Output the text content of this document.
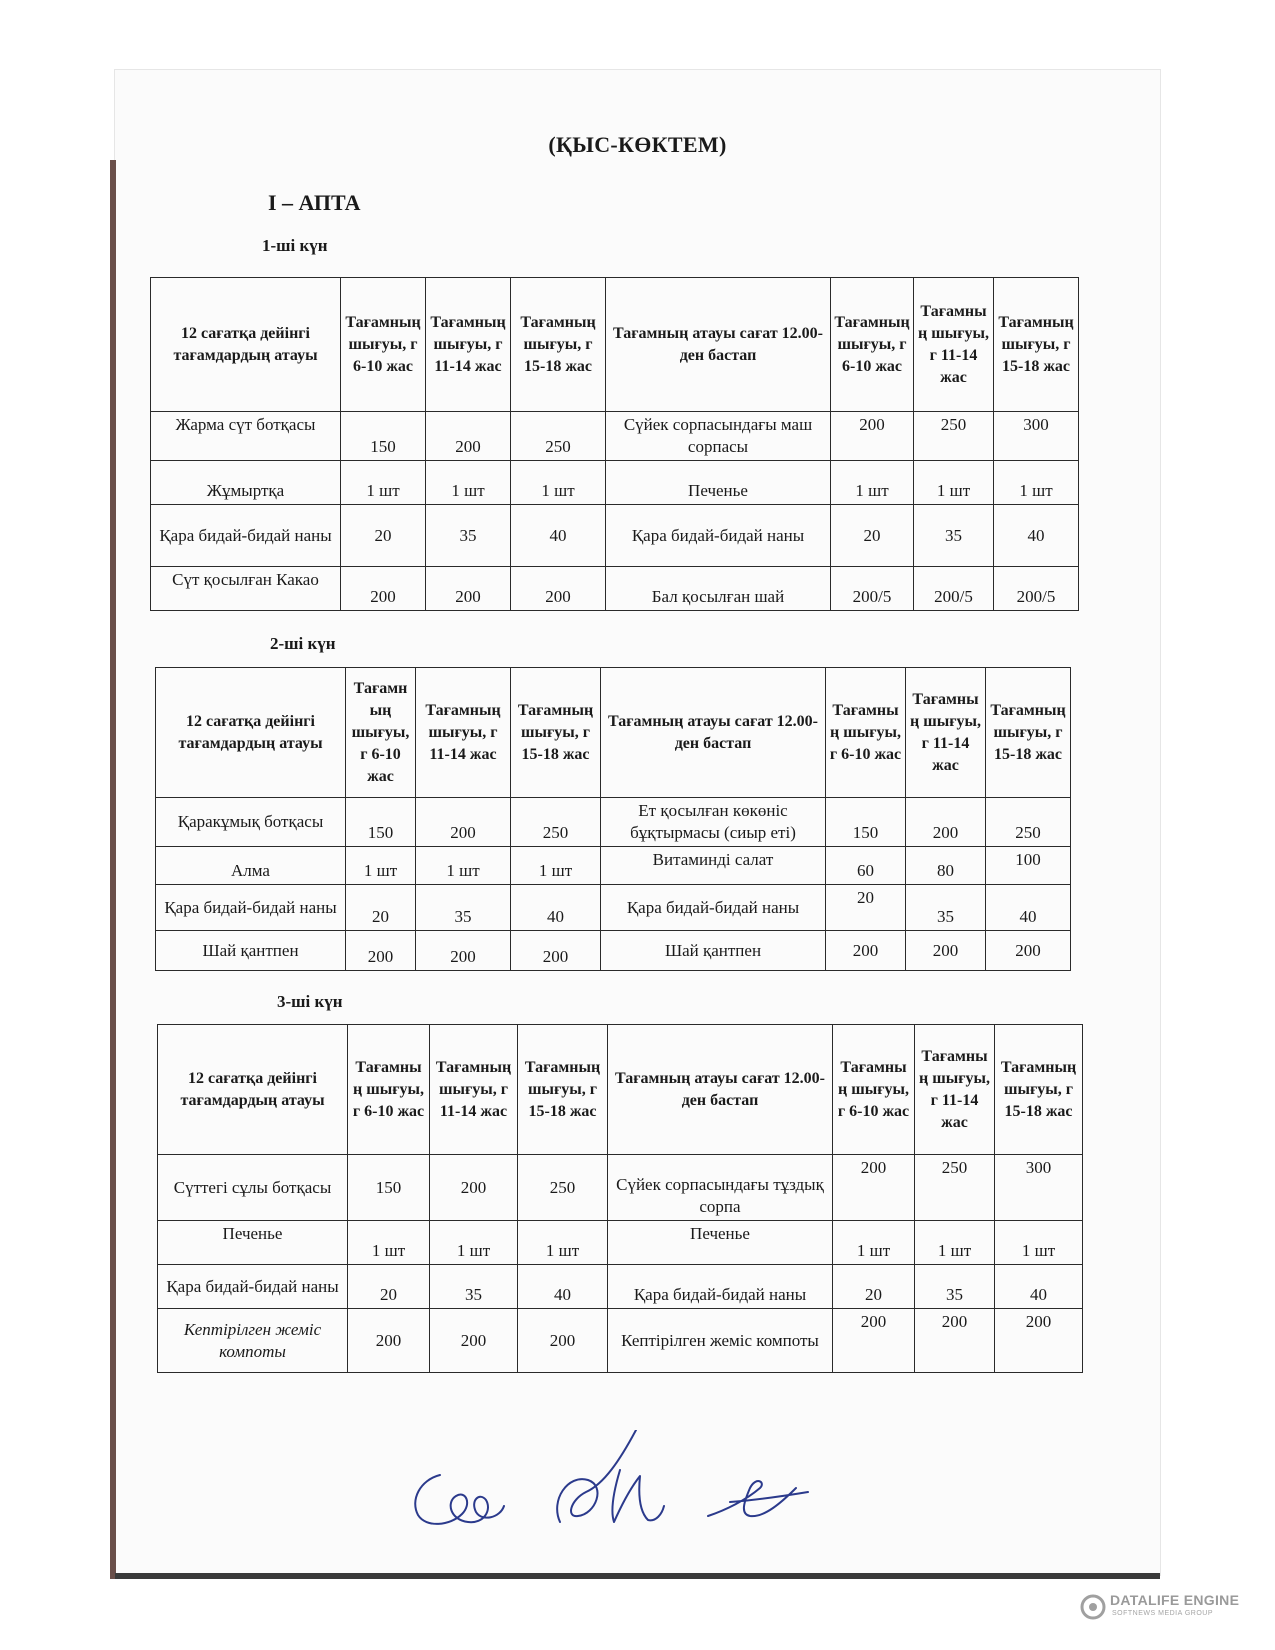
(ҚЫС-КӨКТЕМ)
I – АПТА
1-ші күн
12 сағатқа дейінгі тағамдардың атауы	Тағамның шығуы, г 6-10 жас	Тағамның шығуы, г 11-14 жас	Тағамның шығуы, г 15-18 жас	Тағамның атауы сағат 12.00-ден бастап	Тағамның шығуы, г 6-10 жас	Тағамның шығуы, г 11-14 жас	Тағамның шығуы, г 15-18 жас
Жарма сүт ботқасы	150	200	250	Сүйек сорпасындағы маш сорпасы	200	250	300
Жұмыртқа	1 шт	1 шт	1 шт	Печенье	1 шт	1 шт	1 шт
Қара бидай-бидай наны	20	35	40	Қара бидай-бидай наны	20	35	40
Сүт қосылған Какао	200	200	200	Бал қосылған шай	200/5	200/5	200/5
2-ші күн
12 сағатқа дейінгі тағамдардың атауы	Тағамның шығуы, г 6-10 жас	Тағамның шығуы, г 11-14 жас	Тағамның шығуы, г 15-18 жас	Тағамның атауы сағат 12.00-ден бастап	Тағамның шығуы, г 6-10 жас	Тағамның шығуы, г 11-14 жас	Тағамның шығуы, г 15-18 жас
Қаракұмық ботқасы	150	200	250	Ет қосылған көкөніс бұқтырмасы (сиыр еті)	150	200	250
Алма	1 шт	1 шт	1 шт	Витаминді салат	60	80	100
Қара бидай-бидай наны	20	35	40	Қара бидай-бидай наны	20	35	40
Шай қантпен	200	200	200	Шай қантпен	200	200	200
3-ші күн
12 сағатқа дейінгі тағамдардың атауы	Тағамның шығуы, г 6-10 жас	Тағамның шығуы, г 11-14 жас	Тағамның шығуы, г 15-18 жас	Тағамның атауы сағат 12.00-ден бастап	Тағамның шығуы, г 6-10 жас	Тағамның шығуы, г 11-14 жас	Тағамның шығуы, г 15-18 жас
Сүттегі сұлы ботқасы	150	200	250	Сүйек сорпасындағы тұздық сорпа	200	250	300
Печенье	1 шт	1 шт	1 шт	Печенье	1 шт	1 шт	1 шт
Қара бидай-бидай наны	20	35	40	Қара бидай-бидай наны	20	35	40
Кептірілген жеміс компоты	200	200	200	Кептірілген жеміс компоты	200	200	200
DATALIFE ENGINE
SOFTNEWS MEDIA GROUP
